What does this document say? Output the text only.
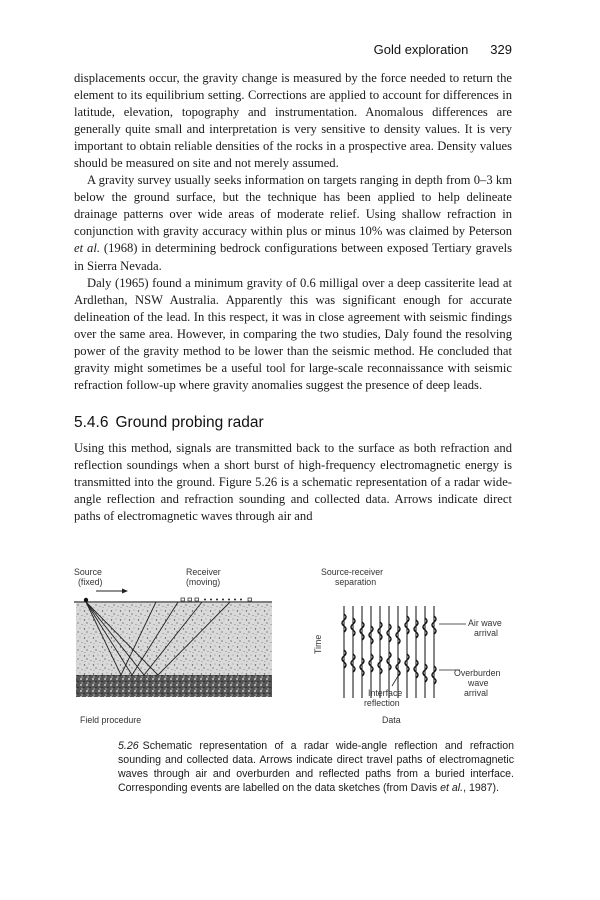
Gold exploration 329

displacements occur, the gravity change is measured by the force needed to return the element to its equilibrium setting. Corrections are applied to account for differences in latitude, elevation, topography and instrumentation. Anomalous differences are generally quite small and interpretation is very sensitive to density values. It is very important to obtain reliable densities of the rocks in a prospective area. Density values should be measured on site and not merely assumed.

A gravity survey usually seeks information on targets ranging in depth from 0–3 km below the ground surface, but the technique has been applied to help delineate drainage patterns over wide areas of moderate relief. Using shallow refraction in conjunction with gravity accuracy within plus or minus 10% was claimed by Peterson et al. (1968) in determining bedrock configurations between exposed Tertiary gravels in Sierra Nevada.

Daly (1965) found a minimum gravity of 0.6 milligal over a deep cassiterite lead at Ardlethan, NSW Australia. Apparently this was significant enough for accurate delineation of the lead. In this respect, it was in close agreement with seismic findings over the same area. However, in comparing the two studies, Daly found the resolving power of the gravity method to be lower than the seismic method. He concluded that gravity might sometimes be a useful tool for large-scale reconnaissance with seismic refraction follow-up where gravity anomalies suggest the presence of deep leads.

5.4.6 Ground probing radar

Using this method, signals are transmitted back to the surface as both refraction and reflection soundings when a short burst of high-frequency electromagnetic energy is transmitted into the ground. Figure 5.26 is a schematic representation of a radar wide-angle reflection and refraction sounding and collected data. Arrows indicate direct paths of electromagnetic waves through air and

Source
(fixed)
Receiver
(moving)
Field procedure
Source-receiver
separation
Time
Air wave
arrival
Overburden
wave
arrival
Interface
reflection
Data
5.26 Schematic representation of a radar wide-angle reflection and refraction sounding and collected data. Arrows indicate direct travel paths of electromagnetic waves through air and overburden and reflected paths from a buried interface. Corresponding events are labelled on the data sketches (from Davis et al., 1987).
